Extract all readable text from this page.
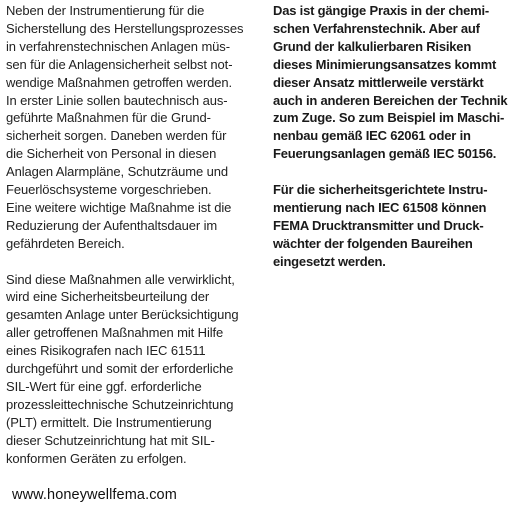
Neben der Instrumentierung für die
Sicherstellung des Herstellungsprozesses
in verfahrenstechnischen Anlagen müs-
sen für die Anlagensicherheit selbst not-
wendige Maßnahmen getroffen werden.
In erster Linie sollen bautechnisch aus-
geführte Maßnahmen für die Grund-
sicherheit sorgen. Daneben werden für
die Sicherheit von Personal in diesen
Anlagen Alarmpläne, Schutzräume und
Feuerlöschsysteme vorgeschrieben.
Eine weitere wichtige Maßnahme ist die
Reduzierung der Aufenthaltsdauer im
gefährdeten Bereich.

Sind diese Maßnahmen alle verwirklicht,
wird eine Sicherheitsbeurteilung der
gesamten Anlage unter Berücksichtigung
aller getroffenen Maßnahmen mit Hilfe
eines Risikografen nach IEC 61511
durchgeführt und somit der erforderliche
SIL-Wert für eine ggf. erforderliche
prozessleittechnische Schutzeinrichtung
(PLT) ermittelt. Die Instrumentierung
dieser Schutzeinrichtung hat mit SIL-
konformen Geräten zu erfolgen.

Das ist gängige Praxis in der chemi-
schen Verfahrenstechnik. Aber auf
Grund der kalkulierbaren Risiken
dieses Minimierungsansatzes kommt
dieser Ansatz mittlerweile verstärkt
auch in anderen Bereichen der Technik
zum Zuge. So zum Beispiel im Maschi-
nenbau gemäß IEC 62061 oder in
Feuerungsanlagen gemäß IEC 50156.

Für die sicherheitsgerichtete Instru-
mentierung nach IEC 61508 können
FEMA Drucktransmitter und Druck-
wächter der folgenden Baureihen
eingesetzt werden.

www.honeywellfema.com
